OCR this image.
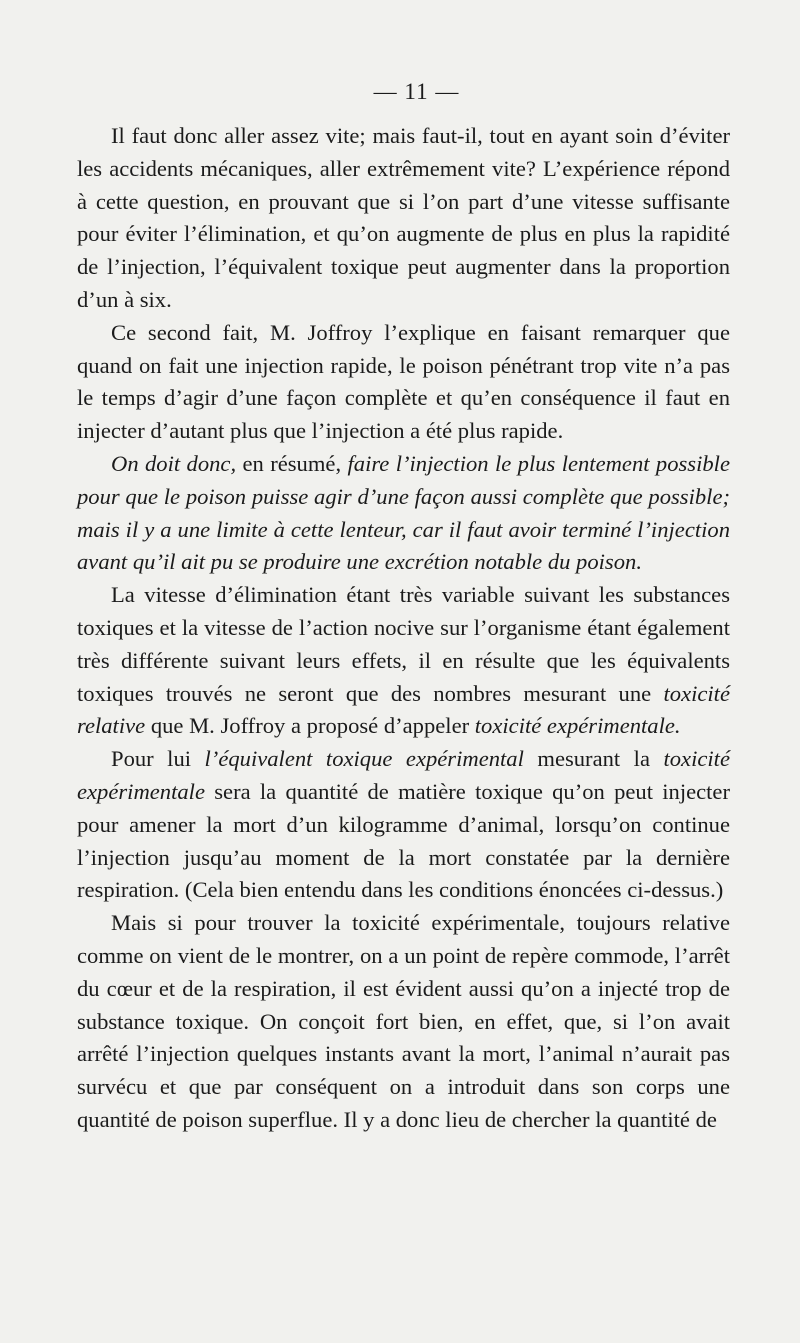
— 11 —

Il faut donc aller assez vite; mais faut-il, tout en ayant soin d’éviter les accidents mécaniques, aller extrêmement vite? L’expérience répond à cette question, en prouvant que si l’on part d’une vitesse suffisante pour éviter l’élimination, et qu’on augmente de plus en plus la rapidité de l’injection, l’équivalent toxique peut augmenter dans la proportion d’un à six.

Ce second fait, M. Joffroy l’explique en faisant remarquer que quand on fait une injection rapide, le poison pénétrant trop vite n’a pas le temps d’agir d’une façon complète et qu’en conséquence il faut en injecter d’autant plus que l’injection a été plus rapide.

On doit donc, en résumé, faire l’injection le plus lentement possible pour que le poison puisse agir d’une façon aussi complète que possible; mais il y a une limite à cette lenteur, car il faut avoir terminé l’injection avant qu’il ait pu se produire une excrétion notable du poison.

La vitesse d’élimination étant très variable suivant les substances toxiques et la vitesse de l’action nocive sur l’organisme étant également très différente suivant leurs effets, il en résulte que les équivalents toxiques trouvés ne seront que des nombres mesurant une toxicité relative que M. Joffroy a proposé d’appeler toxicité expérimentale.

Pour lui l’équivalent toxique expérimental mesurant la toxicité expérimentale sera la quantité de matière toxique qu’on peut injecter pour amener la mort d’un kilogramme d’animal, lorsqu’on continue l’injection jusqu’au moment de la mort constatée par la dernière respiration. (Cela bien entendu dans les conditions énoncées ci-dessus.)

Mais si pour trouver la toxicité expérimentale, toujours relative comme on vient de le montrer, on a un point de repère commode, l’arrêt du cœur et de la respiration, il est évident aussi qu’on a injecté trop de substance toxique. On conçoit fort bien, en effet, que, si l’on avait arrêté l’injection quelques instants avant la mort, l’animal n’aurait pas survécu et que par conséquent on a introduit dans son corps une quantité de poison superflue. Il y a donc lieu de chercher la quantité de
